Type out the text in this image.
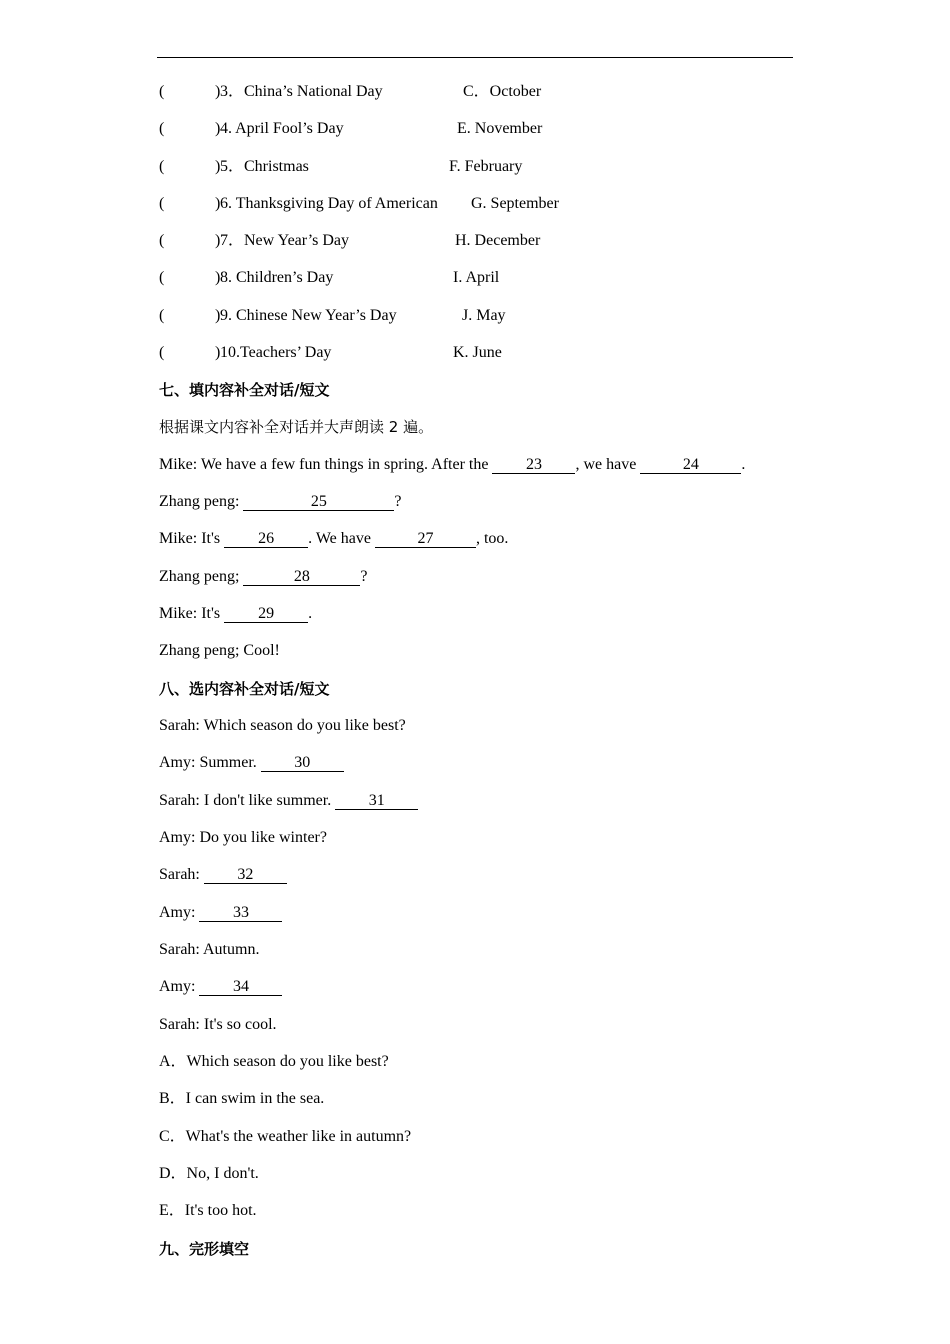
(	) 3．China’s National Day	C．October
(	) 4. April Fool’s Day	E. November
(	) 5．Christmas	F. February
(	) 6. Thanksgiving Day of American G. September
(	) 7．New Year’s Day	H. December
(	) 8. Children’s Day	I. April
(	) 9. Chinese New Year’s Day	J. May
(	) 10.Teachers’ Day	K. June
七、填内容补全对话/短文
根据课文内容补全对话并大声朗读 2 遍。
Mike: We have a few fun things in spring. After the 23 , we have	24	.
Zhang peng:	25	?
Mike: It's 26 . We have	27	, too.
Zhang peng;	28	?
Mike: It's 29 .
Zhang peng; Cool!
八、选内容补全对话/短文
Sarah: Which season do you like best?
Amy: Summer. 30
Sarah: I don't like summer. 31
Amy: Do you like winter?
Sarah: 32
Amy: 33
Sarah: Autumn.
Amy: 34
Sarah: It's so cool.
A．Which season do you like best?
B．I can swim in the sea.
C．What's the weather like in autumn?
D．No, I don't.
E．It's too hot.
九、完形填空
